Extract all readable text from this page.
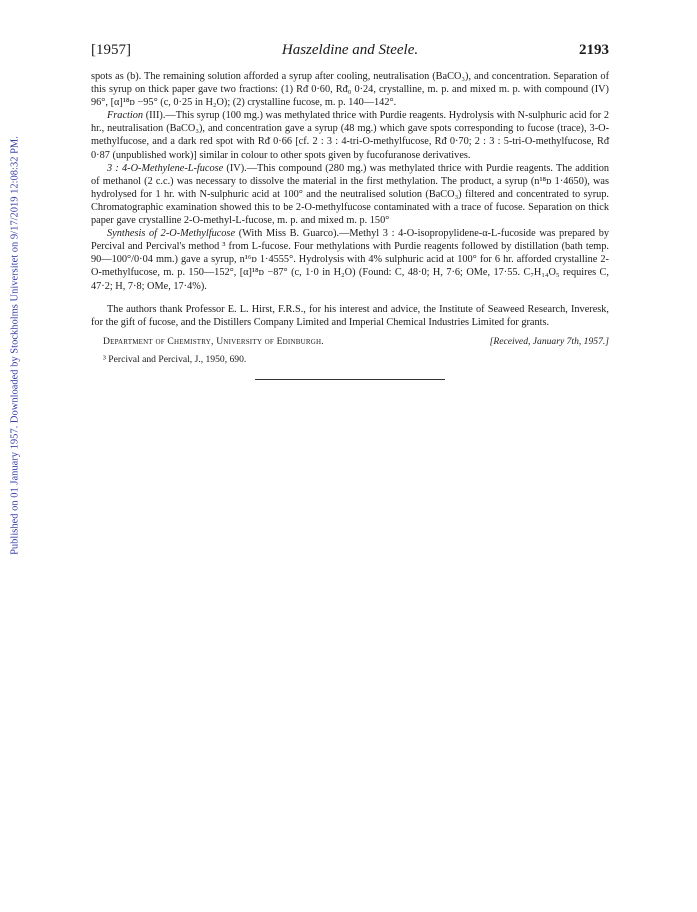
Published on 01 January 1957. Downloaded by Stockholms Universitet on 9/17/2019 12:08:32 PM.
[1957]	Haszeldine and Steele.	2193

spots as (b). The remaining solution afforded a syrup after cooling, neutralisation (BaCO₃), and concentration. Separation of this syrup on thick paper gave two fractions: (1) Rᵭ 0·60, Rᵭ₀ 0·24, crystalline, m. p. and mixed m. p. with compound (IV) 96°, [α]¹⁸ᴅ −95° (c, 0·25 in H₂O); (2) crystalline fucose, m. p. 140—142°.

Fraction (III).—This syrup (100 mg.) was methylated thrice with Purdie reagents. Hydrolysis with N-sulphuric acid for 2 hr., neutralisation (BaCO₃), and concentration gave a syrup (48 mg.) which gave spots corresponding to fucose (trace), 3-O-methylfucose, and a dark red spot with Rᵭ 0·66 [cf. 2 : 3 : 4-tri-O-methylfucose, Rᵭ 0·70; 2 : 3 : 5-tri-O-methylfucose, Rᵭ 0·87 (unpublished work)] similar in colour to other spots given by fucofuranose derivatives.

3 : 4-O-Methylene-L-fucose (IV).—This compound (280 mg.) was methylated thrice with Purdie reagents. The addition of methanol (2 c.c.) was necessary to dissolve the material in the first methylation. The product, a syrup (n¹⁸ᴅ 1·4650), was hydrolysed for 1 hr. with N-sulphuric acid at 100° and the neutralised solution (BaCO₃) filtered and concentrated to syrup. Chromatographic examination showed this to be 2-O-methylfucose contaminated with a trace of fucose. Separation on thick paper gave crystalline 2-O-methyl-L-fucose, m. p. and mixed m. p. 150°

Synthesis of 2-O-Methylfucose (With Miss B. Guarco).—Methyl 3 : 4-O-isopropylidene-α-L-fucoside was prepared by Percival and Percival's method ³ from L-fucose. Four methylations with Purdie reagents followed by distillation (bath temp. 90—100°/0·04 mm.) gave a syrup, n¹⁶ᴅ 1·4555°. Hydrolysis with 4% sulphuric acid at 100° for 6 hr. afforded crystalline 2-O-methylfucose, m. p. 150—152°, [α]¹⁸ᴅ −87° (c, 1·0 in H₂O) (Found: C, 48·0; H, 7·6; OMe, 17·55. C₇H₁₄O₅ requires C, 47·2; H, 7·8; OMe, 17·4%).

The authors thank Professor E. L. Hirst, F.R.S., for his interest and advice, the Institute of Seaweed Research, Inveresk, for the gift of fucose, and the Distillers Company Limited and Imperial Chemical Industries Limited for grants.

Department of Chemistry, University of Edinburgh.	[Received, January 7th, 1957.]
³ Percival and Percival, J., 1950, 690.
